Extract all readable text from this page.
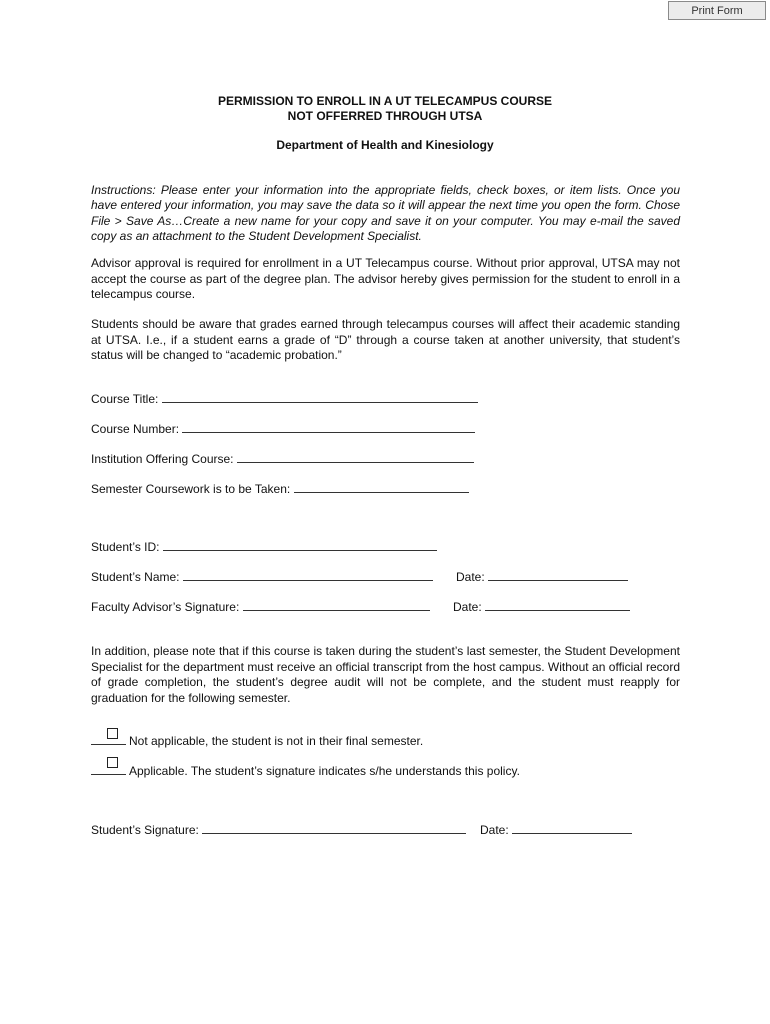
Print Form
PERMISSION TO ENROLL IN A UT TELECAMPUS COURSE
NOT OFFERRED THROUGH UTSA
Department of Health and Kinesiology

Instructions: Please enter your information into the appropriate fields, check boxes, or item lists. Once you have entered your information, you may save the data so it will appear the next time you open the form. Chose File > Save As…Create a new name for your copy and save it on your computer. You may e-mail the saved copy as an attachment to the Student Development Specialist.

Advisor approval is required for enrollment in a UT Telecampus course. Without prior approval, UTSA may not accept the course as part of the degree plan. The advisor hereby gives permission for the student to enroll in a telecampus course.

Students should be aware that grades earned through telecampus courses will affect their academic standing at UTSA. I.e., if a student earns a grade of “D” through a course taken at another university, that student’s status will be changed to “academic probation.”

Course Title:
Course Number:
Institution Offering Course:
Semester Coursework is to be Taken:
Student’s ID:
Student’s Name:	Date:
Faculty Advisor’s Signature:	Date:

In addition, please note that if this course is taken during the student’s last semester, the Student Development Specialist for the department must receive an official transcript from the host campus. Without an official record of grade completion, the student’s degree audit will not be complete, and the student must reapply for graduation for the following semester.

Not applicable, the student is not in their final semester.
Applicable. The student’s signature indicates s/he understands this policy.
Student’s Signature:	Date:
